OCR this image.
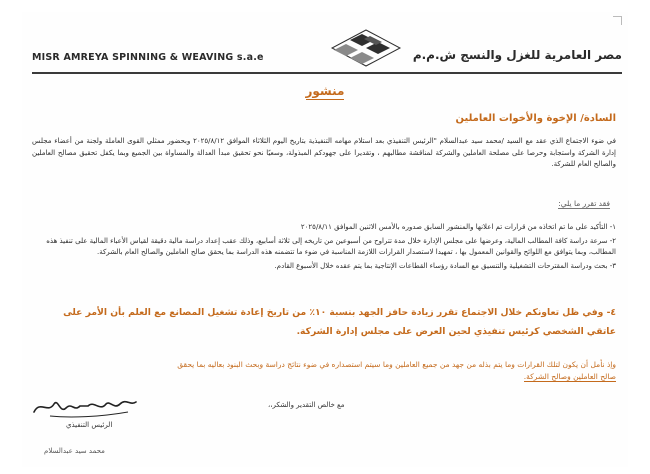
MISR AMREYA SPINNING & WEAVING s.a.e	مصر العامرية للغزل والنسج ش.م.م
السادة/ الإخوة والأخوات العاملين
في ضوء الاجتماع الذي عقد مع السيد /محمد سيد عبدالسلام "الرئيس التنفيذي بعد استلام مهامه التنفيذية بتاريخ اليوم الثلاثاء الموافق ٢٠٢٥/٨/١٢ وبحضور ممثلي القوى العاملة ولجنة من أعضاء مجلس إدارة الشركة واستجابة وحرصا على مصلحة العاملين والشركة لمناقشة مطالبهم ، وتقديرا على جهودكم المبذولة، وسعيًا نحو تحقيق مبدأ العدالة والمساواة بين الجميع وبما يكفل تحقيق مصالح العاملين والصالح العام للشركة.
فقد تقرر ما يلي:

١- التأكيد على ما تم اتخاذه من قرارات تم اعلانها والمنشور السابق صدوره بالأمس الاثنين الموافق ٢٠٢٥/٨/١١

٢- سرعة دراسة كافة المطالب المالية، وعرضها على مجلس الإدارة خلال مدة تتراوح من أسبوعين من تاريخه إلى ثلاثة أسابيع، وذلك عقب إعداد دراسة مالية دقيقة لقياس الأعباء المالية على تنفيذ هذه المطالب، وبما يتوافق مع اللوائح والقوانين المعمول بها ، تمهيدا لاستصدار القرارات اللازمة المناسبة في ضوء ما تتضمنه هذه الدراسة بما يحقق صالح العاملين والصالح العام بالشركة.

٣- بحث ودراسة المقترحات التشغيلية والتنسيق مع السادة رؤساء القطاعات الإنتاجية بما يتم عقده خلال الأسبوع القادم.

٤- وفي ظل تعاونكم خلال الاجتماع تقرر زيادة حافز الجهد بنسبة ١٠٪ من تاريخ إعادة تشغيل المصانع مع العلم بأن الأمر على عاتقي الشخصي كرئيس تنفيذي لحين العرض على مجلس إدارة الشركة.
وإذ نأمل أن يكون لتلك القرارات وما يتم بذله من جهد من جميع العاملين وما سيتم استصداره في ضوء نتائج دراسة وبحث البنود بعاليه بما يحقق
صالح العاملين وصالح الشركة.
مع خالص التقدير والشكر،،
الرئيس التنفيذي
محمد سيد عبدالسلام
منشور
